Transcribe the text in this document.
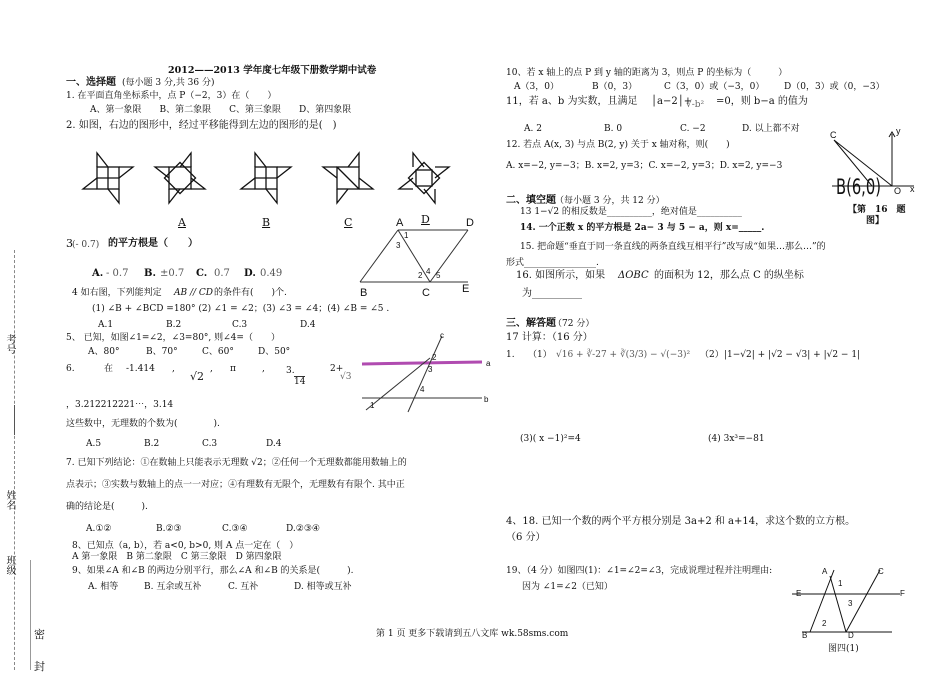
考号
姓名
班级
密
封
2012——2013 学年度七年级下册数学期中试卷
一、选择题 (每小题 3 分,共 36 分)
1. 在平面直角坐标系中，点 P（−2，3）在（　　）
A、第一象限　　B、第二象限　　C、第三象限　　D、第四象限
2. 如图，右边的图形中，经过平移能得到左边的图形的是(　)
A	B	C	D
3 (- 0.7) 的平方根是（　　）
A. - 0.7 B. ±0.7 C. 0.7 D. 0.49
4 如右图，下列能判定 AB // CD 的条件有(　　)个.
(1) ∠B + ∠BCD =180° (2) ∠1 = ∠2；(3) ∠3 = ∠4；(4) ∠B = ∠5 .
A.1	B.2	C.3	D.4
A	D
B	C	E
1
3
2 4 5
5、 已知，如图∠1=∠2，∠3=80°, 则∠4=（　　）
A、80°	B、70°	C、60°	D、50°
c
a
b
1
2
3
4
6.	在 -1.414 ,
√2
, π	, 3.
14
2+
√3
，3.212212221⋯，3.14
这些数中，无理数的个数为(　　　　).
A.5	B.2	C.3	D.4
7. 已知下列结论：①在数轴上只能表示无理数 √2；②任何一个无理数都能用数轴上的
点表示；③实数与数轴上的点一一对应；④有理数有无限个，无理数有有限个. 其中正
确的结论是(　　　).
A.①②	B.②③	C.③④	D.②③④
8、已知点（a, b），若 a<0, b>0, 则 A 点一定在（　）
A 第一象限　B 第二象限　C 第三象限　D 第四象限
9、如果∠A 和∠B 的两边分别平行，那么∠A 和∠B 的关系是(　　　).
A. 相等	B. 互余或互补	C. 互补	D. 相等或互补
10、若 x 轴上的点 P 到 y 轴的距离为 3，则点 P 的坐标为（　　　）
A（3，0）	B（0，3）	C（3，0）或（−3，0） D（0，3）或（0，−3）
11，若 a、b 为实数，且满足 │a−2│+
√-b² =0，则 b−a 的值为
A. 2	B. 0	C. −2	D. 以上都不对
12. 若点 A(x, 3) 与点 B(2, y) 关于 x 轴对称，则(　　)
A. x=−2, y=−3；B. x=2, y=3；C. x=−2, y=3；D. x=2, y=−3
C	y
O x
B(6,0)
【第　16　题
图】
二、填空题 （每小题 3 分，共 12 分）
13 1−√2 的相反数是__________，绝对值是__________
14. 一个正数 x 的平方根是 2a− 3 与 5 − a，则 x=_____.
15. 把命题“垂直于同一条直线的两条直线互相平行”改写成“如果…那么…”的
形式________________.
16. 如图所示，如果 ΔOBC 的面积为 12，那么点 C 的纵坐标
为__________
三、解答题
（72 分）
17 计算：（16 分）
1. （1） √16 + ∛-27 + ∛(3/3) − √(−3)² （2） |1−√2| + |√2 − √3| + |√2 − 1|
(3)( x −1)²=4	(4) 3x³=−81
4、18. 已知一个数的两个平方根分别是 3a+2 和 a+14，求这个数的立方根。
（6 分）
19、（4 分）如图四(1)：∠1=∠2=∠3，完成说理过程并注明理由:
因为 ∠1=∠2（已知）
A	C
E	F
B	D
1
2
3
图四(1)
第 1 页 更多下载请到五八文库 wk.58sms.com
